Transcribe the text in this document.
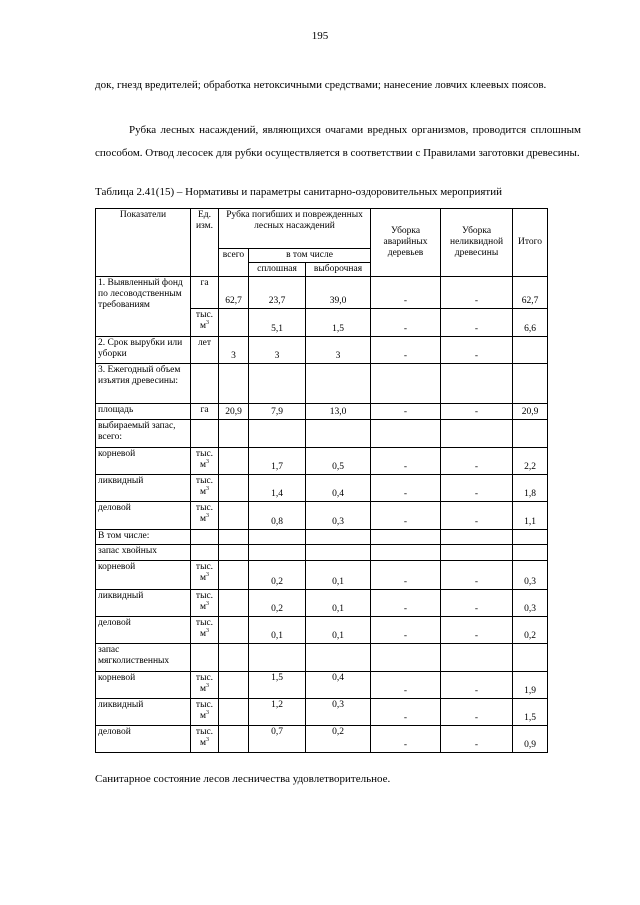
195

док, гнезд вредителей; обработка нетоксичными средствами; нанесение ловчих клеевых поясов.

Рубка лесных насаждений, являющихся очагами вредных организмов, проводится сплошным способом. Отвод лесосек для рубки осуществляется в соответствии с Правилами заготовки древесины.

Таблица 2.41(15) – Нормативы и параметры санитарно-оздоровительных мероприятий
Показатели	Ед. изм.	Рубка погибших и поврежденных лесных насаждений			Уборка аварийных деревьев	Уборка неликвидной древесины	Итого
		всего	в том числе				
			сплошная	выборочная			
1. Выявленный фонд по лесоводственным требованиям	га	62,7	23,7	39,0	-	-	62,7
	тыс. $м^3$		5,1	1,5	-	-	6,6
2. Срок вырубки или уборки	лет	3	3	3	-	-	
3. Ежегодный объем изъятия древесины:							
площадь	га	20,9	7,9	13,0	-	-	20,9
выбираемый запас, всего:							
корневой	тыс. $м^3$		1,7	0,5	-	-	2,2
ликвидный	тыс. $м^3$		1,4	0,4	-	-	1,8
деловой	тыс. $м^3$		0,8	0,3	-	-	1,1
В том числе:							
запас хвойных							
корневой	тыс. $м^3$		0,2	0,1	-	-	0,3
ликвидный	тыс. $м^3$		0,2	0,1	-	-	0,3
деловой	тыс. $м^3$		0,1	0,1	-	-	0,2
запас мягколиственных							
корневой	тыс. $м^3$		1,5	0,4	-	-	1,9
ликвидный	тыс. $м^3$		1,2	0,3	-	-	1,5
деловой	тыс. $м^3$		0,7	0,2	-	-	0,9
Санитарное состояние лесов лесничества удовлетворительное.
